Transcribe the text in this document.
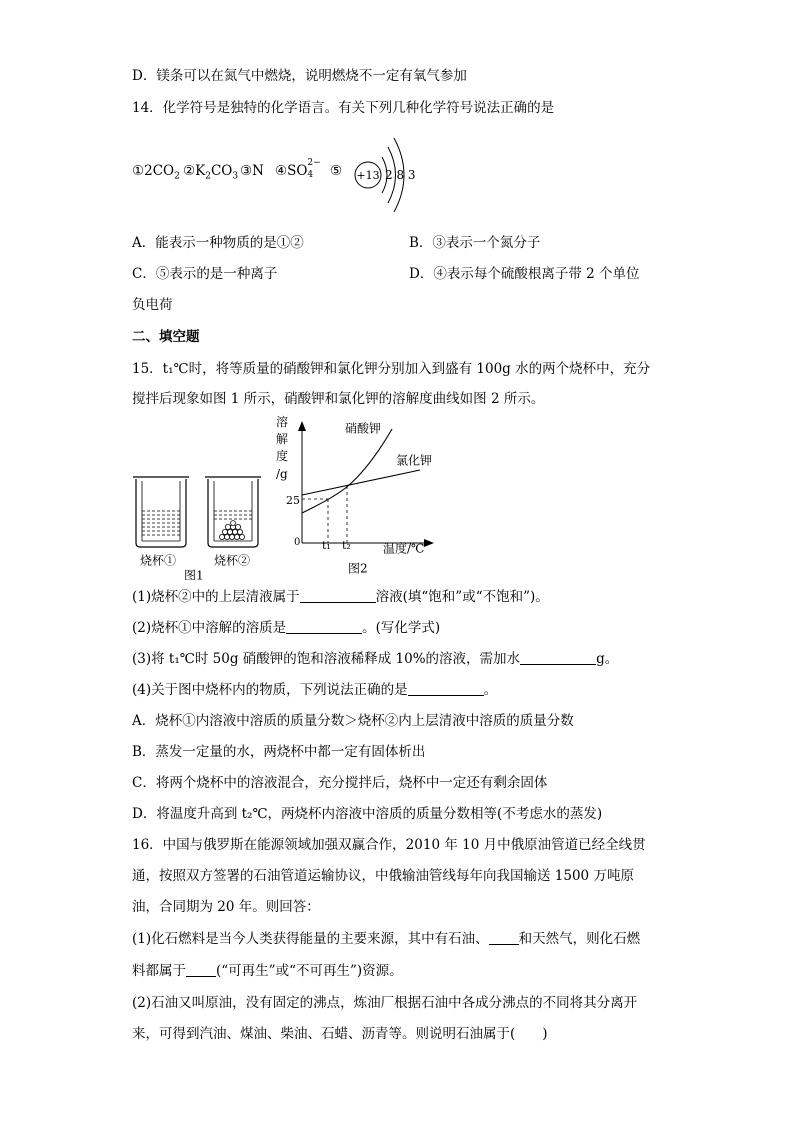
D．镁条可以在氮气中燃烧，说明燃烧不一定有氧气参加
14．化学符号是独特的化学语言。有关下列几种化学符号说法正确的是
$①2CO_2$ $②K_2CO_3$ ③N ④SO 2−
4 ⑤ +13 2 8 3
A．能表示一种物质的是①②	B．③表示一个氮分子
C．⑤表示的是一种离子	D．④表示每个硫酸根离子带 2 个单位
负电荷
二、填空题
15．t₁℃时，将等质量的硝酸钾和氯化钾分别加入到盛有 100g 水的两个烧杯中，充分
搅拌后现象如图 1 所示，硝酸钾和氯化钾的溶解度曲线如图 2 所示。
烧杯①	烧杯②
图1
溶
解
度
/g
25
0 t₁ t₂	温度/℃
硝酸钾
氯化钾
图2
(1)烧杯②中的上层清液属于	溶液(填“饱和”或“不饱和”)。
(2)烧杯①中溶解的溶质是	。(写化学式)
(3)将 t₁℃时 50g 硝酸钾的饱和溶液稀释成 10%的溶液，需加水	g。
(4)关于图中烧杯内的物质，下列说法正确的是	。
A．烧杯①内溶液中溶质的质量分数＞烧杯②内上层清液中溶质的质量分数
B．蒸发一定量的水，两烧杯中都一定有固体析出
C．将两个烧杯中的溶液混合，充分搅拌后，烧杯中一定还有剩余固体
D．将温度升高到 t₂℃，两烧杯内溶液中溶质的质量分数相等(不考虑水的蒸发)
16．中国与俄罗斯在能源领域加强双赢合作，2010 年 10 月中俄原油管道已经全线贯
通，按照双方签署的石油管道运输协议，中俄输油管线每年向我国输送 1500 万吨原
油，合同期为 20 年。则回答：
(1)化石燃料是当今人类获得能量的主要来源，其中有石油、 和天然气，则化石燃
料都属于 (“可再生”或“不可再生”)资源。
(2)石油又叫原油，没有固定的沸点，炼油厂根据石油中各成分沸点的不同将其分离开
来，可得到汽油、煤油、柴油、石蜡、沥青等。则说明石油属于(　　)
